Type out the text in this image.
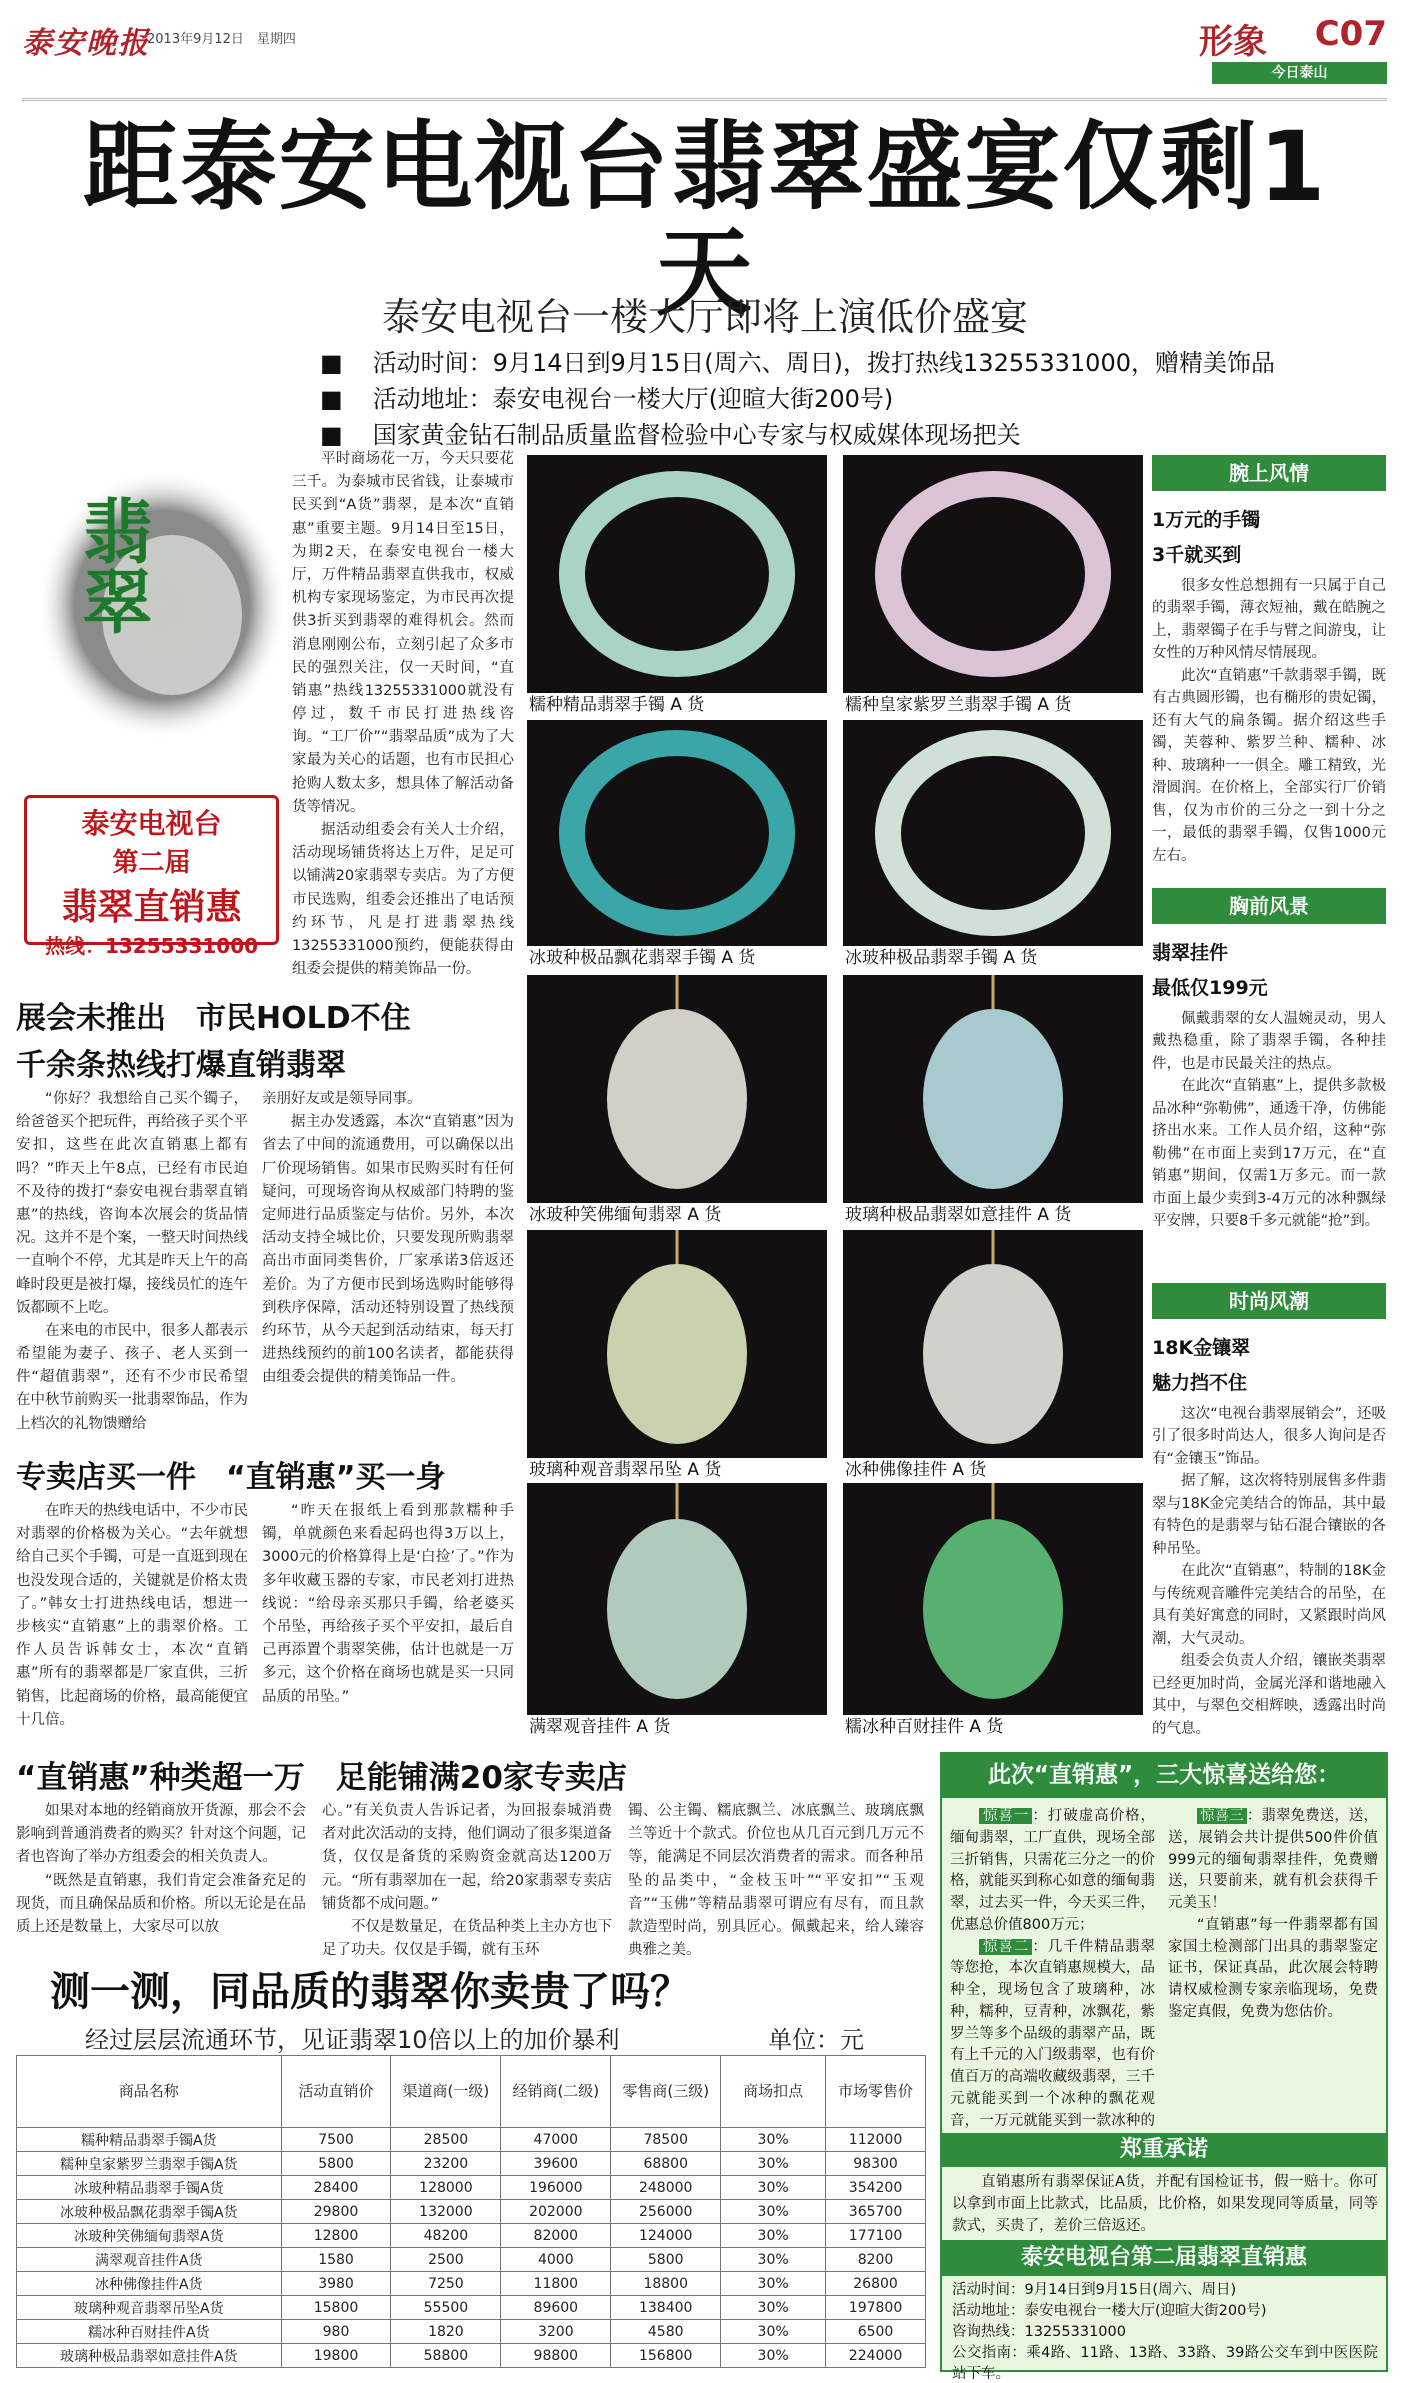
泰安晚报
2013年9月12日　星期四	形象 C07
今日泰山
距泰安电视台翡翠盛宴仅剩1天
泰安电视台一楼大厅即将上演低价盛宴
■ 活动时间：9月14日到9月15日(周六、周日)，拨打热线13255331000，赠精美饰品
■ 活动地址：泰安电视台一楼大厅(迎暄大街200号)
■ 国家黄金钻石制品质量监督检验中心专家与权威媒体现场把关
翡翠
泰安电视台
第二届
翡翠直销惠
热线：13255331000

平时商场花一万，今天只要花三千。为泰城市民省钱，让泰城市民买到“A货”翡翠，是本次“直销惠”重要主题。9月14日至15日，为期2天，在泰安电视台一楼大厅，万件精品翡翠直供我市，权威机构专家现场鉴定，为市民再次提供3折买到翡翠的难得机会。然而消息刚刚公布，立刻引起了众多市民的强烈关注，仅一天时间，“直销惠”热线13255331000就没有停过，数千市民打进热线咨询。“工厂价”“翡翠品质”成为了大家最为关心的话题，也有市民担心抢购人数太多，想具体了解活动备货等情况。

据活动组委会有关人士介绍，活动现场铺货将达上万件，足足可以铺满20家翡翠专卖店。为了方便市民选购，组委会还推出了电话预约环节，凡是打进翡翠热线13255331000预约，便能获得由组委会提供的精美饰品一份。

展会未推出　市民HOLD不住
千余条热线打爆直销翡翠

“你好？我想给自己买个镯子，给爸爸买个把玩件，再给孩子买个平安扣，这些在此次直销惠上都有吗？”昨天上午8点，已经有市民迫不及待的拨打“泰安电视台翡翠直销惠”的热线，咨询本次展会的货品情况。这并不是个案，一整天时间热线一直响个不停，尤其是昨天上午的高峰时段更是被打爆，接线员忙的连午饭都顾不上吃。

在来电的市民中，很多人都表示希望能为妻子、孩子、老人买到一件“超值翡翠”，还有不少市民希望在中秋节前购买一批翡翠饰品，作为上档次的礼物馈赠给

亲朋好友或是领导同事。

据主办发透露，本次“直销惠”因为省去了中间的流通费用，可以确保以出厂价现场销售。如果市民购买时有任何疑问，可现场咨询从权威部门特聘的鉴定师进行品质鉴定与估价。另外，本次活动支持全城比价，只要发现所购翡翠高出市面同类售价，厂家承诺3倍返还差价。为了方便市民到场选购时能够得到秩序保障，活动还特别设置了热线预约环节，从今天起到活动结束，每天打进热线预约的前100名读者，都能获得由组委会提供的精美饰品一件。

专卖店买一件　“直销惠”买一身

在昨天的热线电话中，不少市民对翡翠的价格极为关心。“去年就想给自己买个手镯，可是一直逛到现在也没发现合适的，关键就是价格太贵了。”韩女士打进热线电话，想进一步核实“直销惠”上的翡翠价格。工作人员告诉韩女士，本次“直销惠”所有的翡翠都是厂家直供，三折销售，比起商场的价格，最高能便宜十几倍。

“昨天在报纸上看到那款糯种手镯，单就颜色来看起码也得3万以上，3000元的价格算得上是‘白捡’了。”作为多年收藏玉器的专家，市民老刘打进热线说：“给母亲买那只手镯，给老婆买个吊坠，再给孩子买个平安扣，最后自己再添置个翡翠笑佛，估计也就是一万多元，这个价格在商场也就是买一只同品质的吊坠。”

糯种精品翡翠手镯 A 货	糯种皇家紫罗兰翡翠手镯 A 货
冰玻种极品飘花翡翠手镯 A 货	冰玻种极品翡翠手镯 A 货
冰玻种笑佛缅甸翡翠 A 货	玻璃种极品翡翠如意挂件 A 货
玻璃种观音翡翠吊坠 A 货	冰种佛像挂件 A 货
满翠观音挂件 A 货	糯冰种百财挂件 A 货
腕上风情
1万元的手镯
3千就买到

很多女性总想拥有一只属于自己的翡翠手镯，薄衣短袖，戴在皓腕之上，翡翠镯子在手与臂之间游曳，让女性的万种风情尽情展现。

此次“直销惠”千款翡翠手镯，既有古典圆形镯，也有椭形的贵妃镯，还有大气的扁条镯。据介绍这些手镯，芙蓉种、紫罗兰种、糯种、冰种、玻璃种一一俱全。雕工精致，光滑圆润。在价格上，全部实行厂价销售，仅为市价的三分之一到十分之一，最低的翡翠手镯，仅售1000元左右。

胸前风景
翡翠挂件
最低仅199元

佩戴翡翠的女人温婉灵动，男人戴热稳重，除了翡翠手镯，各种挂件，也是市民最关注的热点。

在此次“直销惠”上，提供多款极品冰种“弥勒佛”，通透干净，仿佛能挤出水来。工作人员介绍，这种“弥勒佛”在市面上卖到17万元，在“直销惠”期间，仅需1万多元。而一款市面上最少卖到3-4万元的冰种飘绿平安牌，只要8千多元就能“抢”到。

时尚风潮
18K金镶翠
魅力挡不住

这次“电视台翡翠展销会”，还吸引了很多时尚达人，很多人询问是否有“金镶玉”饰品。

据了解，这次将特别展售多件翡翠与18K金完美结合的饰品，其中最有特色的是翡翠与钻石混合镶嵌的各种吊坠。

在此次“直销惠”，特制的18K金与传统观音雕件完美结合的吊坠，在具有美好寓意的同时，又紧跟时尚风潮，大气灵动。

组委会负责人介绍，镶嵌类翡翠已经更加时尚，金属光泽和谐地融入其中，与翠色交相辉映，透露出时尚的气息。

“直销惠”种类超一万　足能铺满20家专卖店

如果对本地的经销商放开货源，那会不会影响到普通消费者的购买？针对这个问题，记者也咨询了举办方组委会的相关负责人。

“既然是直销惠，我们肯定会准备充足的现货，而且确保品质和价格。所以无论是在品质上还是数量上，大家尽可以放

心。”有关负责人告诉记者，为回报泰城消费者对此次活动的支持，他们调动了很多渠道备货，仅仅是备货的采购资金就高达1200万元。“所有翡翠加在一起，给20家翡翠专卖店铺货都不成问题。”

不仅是数量足，在货品种类上主办方也下足了功夫。仅仅是手镯，就有玉环

镯、公主镯、糯底飘兰、冰底飘兰、玻璃底飘兰等近十个款式。价位也从几百元到几万元不等，能满足不同层次消费者的需求。而各种吊坠的品类中，“金枝玉叶”“平安扣”“玉观音”“玉佛”等精品翡翠可谓应有尽有，而且款款造型时尚，别具匠心。佩戴起来，给人臻容典雅之美。

测一测，同品质的翡翠你卖贵了吗？
经过层层流通环节，见证翡翠10倍以上的加价暴利	单位：元
商品名称	活动直销价	渠道商(一级)	经销商(二级)	零售商(三级)	商场扣点	市场零售价
糯种精品翡翠手镯A货	7500	28500	47000	78500	30%	112000
糯种皇家紫罗兰翡翠手镯A货	5800	23200	39600	68800	30%	98300
冰玻种精品翡翠手镯A货	28400	128000	196000	248000	30%	354200
冰玻种极品飘花翡翠手镯A货	29800	132000	202000	256000	30%	365700
冰玻种笑佛缅甸翡翠A货	12800	48200	82000	124000	30%	177100
满翠观音挂件A货	1580	2500	4000	5800	30%	8200
冰种佛像挂件A货	3980	7250	11800	18800	30%	26800
玻璃种观音翡翠吊坠A货	15800	55500	89600	138400	30%	197800
糯冰种百财挂件A货	980	1820	3200	4580	30%	6500
玻璃种极品翡翠如意挂件A货	19800	58800	98800	156800	30%	224000
此次“直销惠”，三大惊喜送给您：
惊喜一 ：打破虚高价格，缅甸翡翠，工厂直供，现场全部三折销售，只需花三分之一的价格，就能买到称心如意的缅甸翡翠，过去买一件，今天买三件，优惠总价值800万元；
惊喜二 ：几千件精品翡翠等您抢，本次直销惠规模大，品种全，现场包含了玻璃种，冰种，糯种，豆青种，冰飘花，紫罗兰等多个品级的翡翠产品，既有上千元的入门级翡翠，也有价值百万的高端收藏级翡翠，三千元就能买到一个冰种的飘花观音，一万元就能买到一款冰种的
惊喜三 ：翡翠免费送，送，送，展销会共计提供500件价值999元的缅甸翡翠挂件，免费赠送，只要前来，就有机会获得千元美玉！
“直销惠”每一件翡翠都有国家国土检测部门出具的翡翠鉴定证书，保证真品，此次展会特聘请权威检测专家亲临现场，免费鉴定真假，免费为您估价。
郑重承诺
直销惠所有翡翠保证A货，并配有国检证书，假一赔十。你可以拿到市面上比款式，比品质，比价格，如果发现同等质量，同等款式，买贵了，差价三倍返还。
泰安电视台第二届翡翠直销惠
活动时间：9月14日到9月15日(周六、周日)
活动地址：泰安电视台一楼大厅(迎暄大街200号)
咨询热线：13255331000
公交指南：乘4路、11路、13路、33路、39路公交车到中医医院站下车。
